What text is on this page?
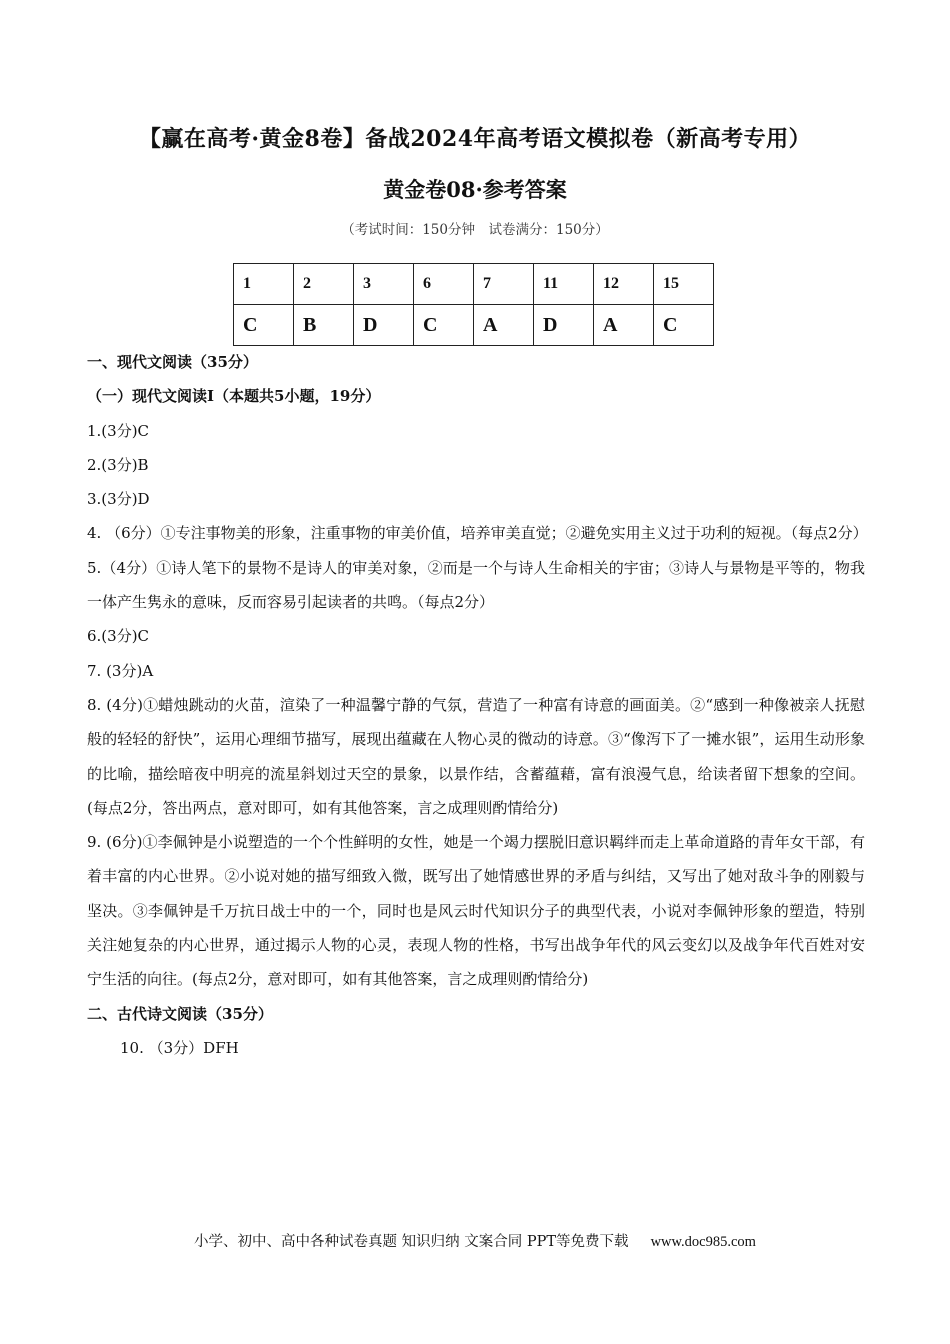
【赢在高考·黄金8卷】备战2024年高考语文模拟卷（新高考专用）
黄金卷08·参考答案
（考试时间：150分钟　试卷满分：150分）
1	2	3	6	7	11	12	15
C	B	D	C	A	D	A	C

一、现代文阅读（35分）

（一）现代文阅读Ⅰ（本题共5小题，19分）

1.(3分)C

2.(3分)B

3.(3分)D

4. （6分）①专注事物美的形象，注重事物的审美价值，培养审美直觉；②避免实用主义过于功利的短视。（每点2分）

5.（4分）①诗人笔下的景物不是诗人的审美对象，②而是一个与诗人生命相关的宇宙；③诗人与景物是平等的，物我一体产生隽永的意味，反而容易引起读者的共鸣。（每点2分）

6.(3分)C

7. (3分)A

8. (4分)①蜡烛跳动的火苗，渲染了一种温馨宁静的气氛，营造了一种富有诗意的画面美。②“感到一种像被亲人抚慰般的轻轻的舒快”，运用心理细节描写，展现出蕴藏在人物心灵的微动的诗意。③“像泻下了一摊水银”，运用生动形象的比喻，描绘暗夜中明亮的流星斜划过天空的景象，以景作结，含蓄蕴藉，富有浪漫气息，给读者留下想象的空间。(每点2分，答出两点，意对即可，如有其他答案，言之成理则酌情给分)

9. (6分)①李佩钟是小说塑造的一个个性鲜明的女性，她是一个竭力摆脱旧意识羁绊而走上革命道路的青年女干部，有着丰富的内心世界。②小说对她的描写细致入微，既写出了她情感世界的矛盾与纠结，又写出了她对敌斗争的刚毅与坚决。③李佩钟是千万抗日战士中的一个，同时也是风云时代知识分子的典型代表，小说对李佩钟形象的塑造，特别关注她复杂的内心世界，通过揭示人物的心灵，表现人物的性格，书写出战争年代的风云变幻以及战争年代百姓对安宁生活的向往。(每点2分，意对即可，如有其他答案，言之成理则酌情给分)

二、古代诗文阅读（35分）

10. （3分）DFH

小学、初中、高中各种试卷真题 知识归纳 文案合同 PPT等免费下载 www.doc985.com
